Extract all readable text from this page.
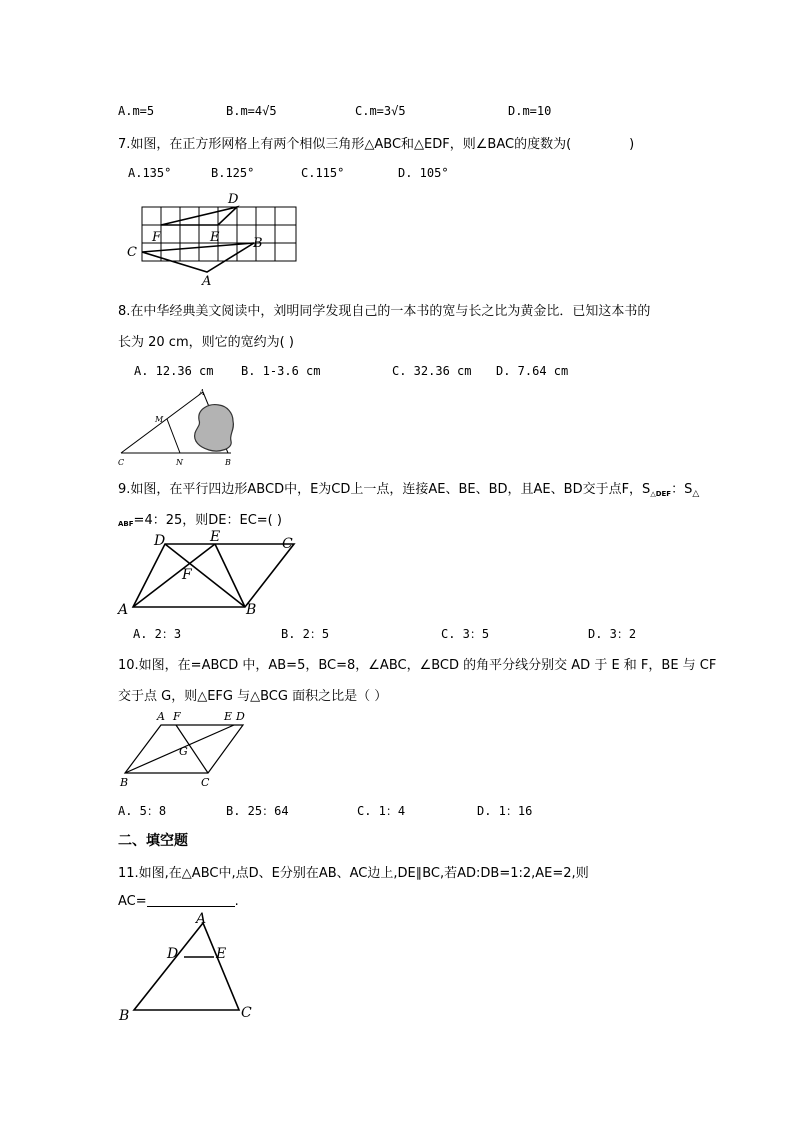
A.m=5	B.m=4√5	C.m=3√5	D.m=10
7.如图，在正方形网格上有两个相似三角形△ABC和△EDF，则∠BAC的度数为(	)
A.135°	B.125°	C.115°	D. 105°
D
F	E	B
C
A
8.在中华经典美文阅读中，刘明同学发现自己的一本书的宽与长之比为黄金比．已知这本书的
长为 20 cm，则它的宽约为( )
A. 12.36 cm B. 1-3.6 cm	C. 32.36 cm D. 7.64 cm
A
M
C	N	B
9.如图，在平行四边形ABCD中，E为CD上一点，连接AE、BE、BD，且AE、BD交于点F，$S_{\triangle DEF}$：$S_\triangle$
ABF=4：25，则DE：EC=( )
D	E	C
F
A	B
A. 2：3	B. 2：5	C. 3：5	D. 3：2
10.如图，在=ABCD 中，AB=5，BC=8，∠ABC，∠BCD 的角平分线分别交 AD 于 E 和 F，BE 与 CF
交于点 G，则△EFG 与△BCG 面积之比是（ ）
A F	E D
G
B	C
A. 5：8	B. 25：64	C. 1：4	D. 1：16
二、填空题
11.如图,在△ABC中,点D、E分别在AB、AC边上,DE∥BC,若AD:DB=1:2,AE=2,则
AC=	.
A
D	E
B	C
